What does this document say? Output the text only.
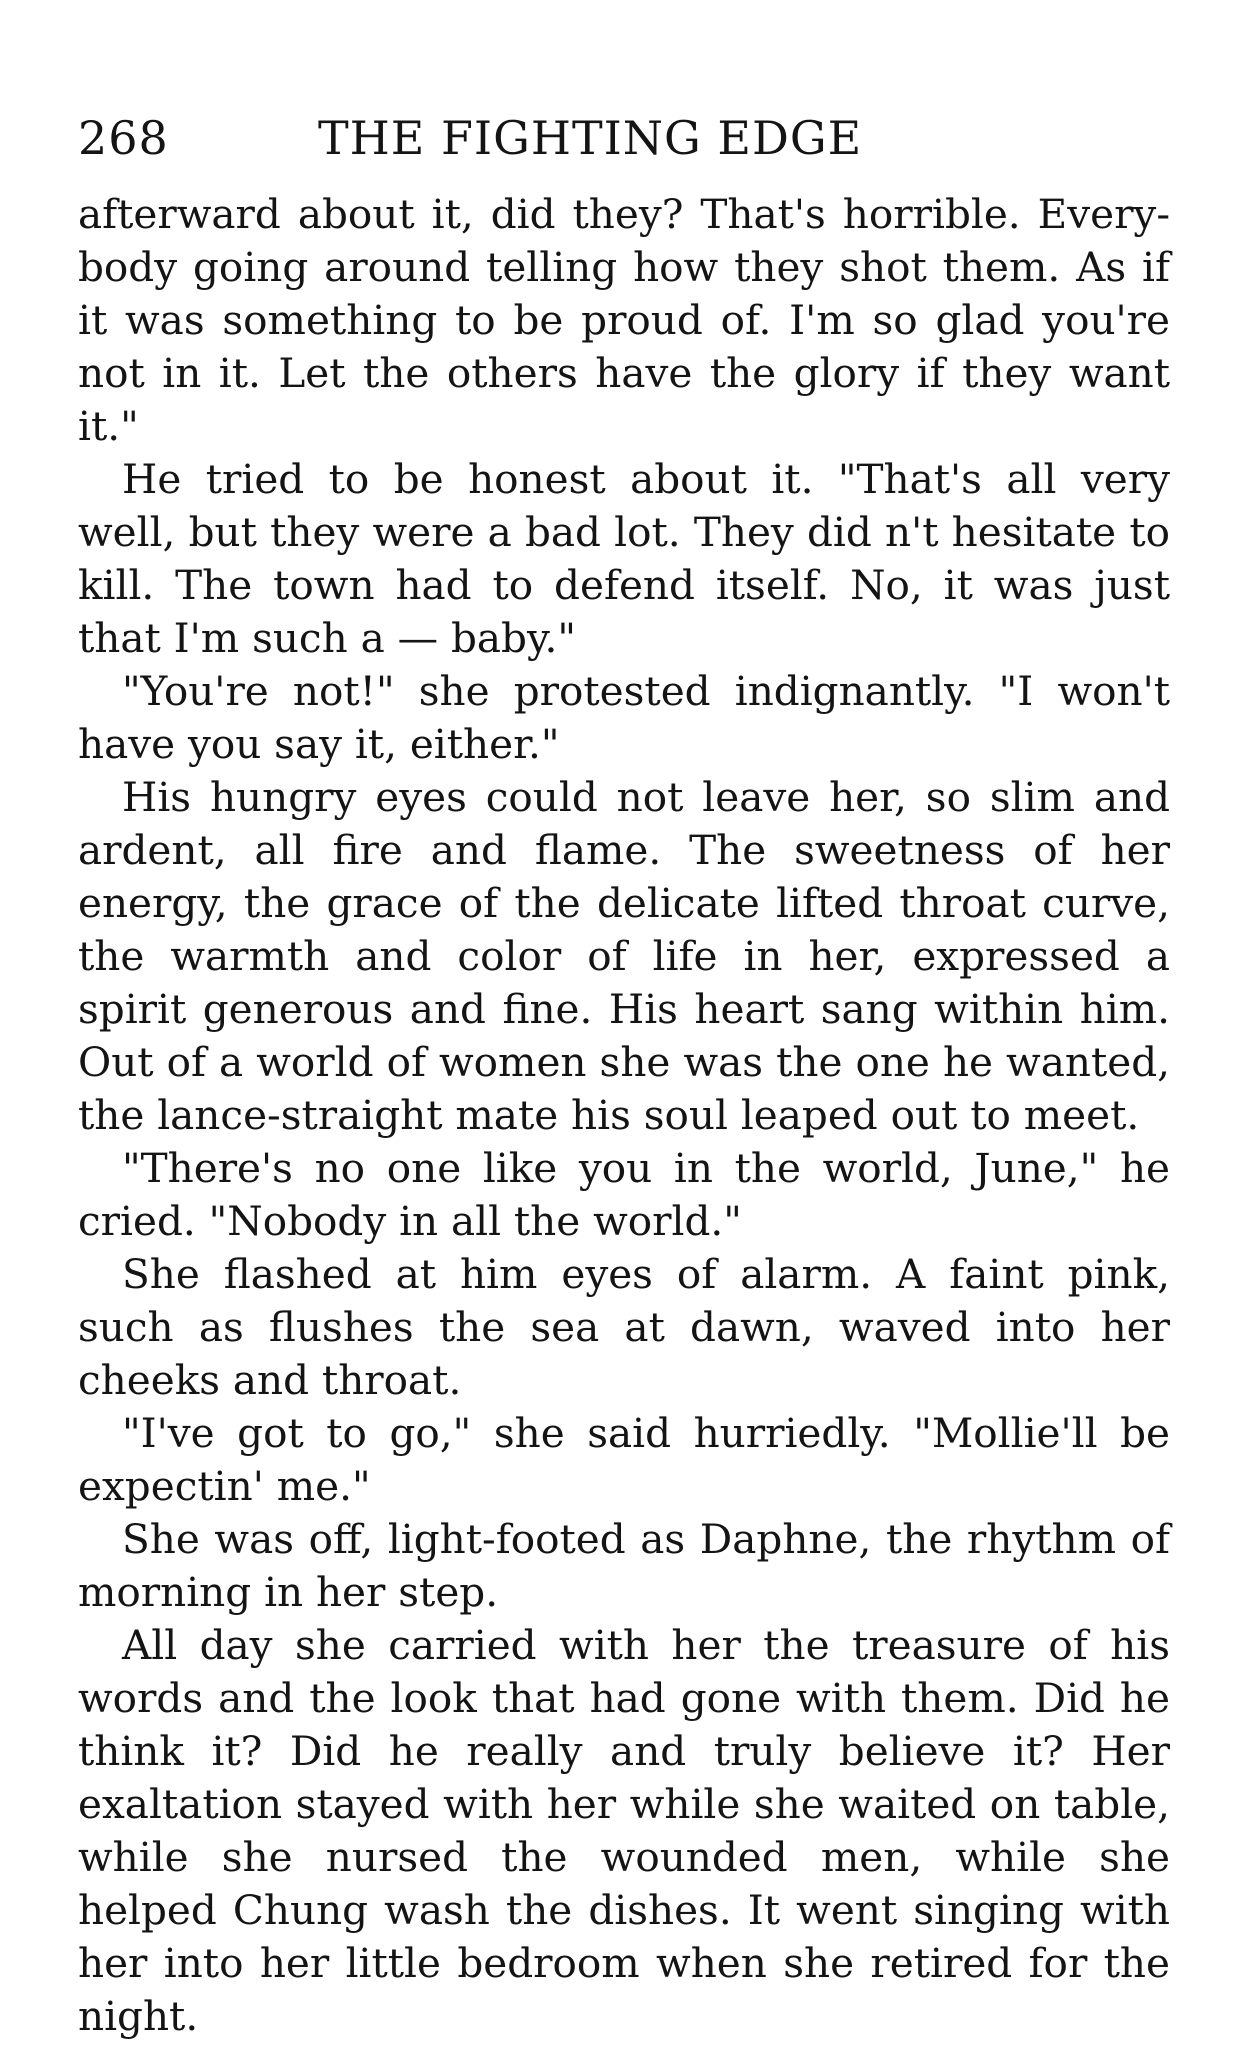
268	THE FIGHTING EDGE

afterward about it, did they? That's horrible. Everybody going around telling how they shot them. As if it was something to be proud of. I'm so glad you're not in it. Let the others have the glory if they want it."

He tried to be honest about it. "That's all very well, but they were a bad lot. They did n't hesitate to kill. The town had to defend itself. No, it was just that I'm such a — baby."

"You're not!" she protested indignantly. "I won't have you say it, either."

His hungry eyes could not leave her, so slim and ardent, all fire and flame. The sweetness of her energy, the grace of the delicate lifted throat curve, the warmth and color of life in her, expressed a spirit generous and fine. His heart sang within him. Out of a world of women she was the one he wanted, the lance-straight mate his soul leaped out to meet.

"There's no one like you in the world, June," he cried. "Nobody in all the world."

She flashed at him eyes of alarm. A faint pink, such as flushes the sea at dawn, waved into her cheeks and throat.

"I've got to go," she said hurriedly. "Mollie'll be expectin' me."

She was off, light-footed as Daphne, the rhythm of morning in her step.

All day she carried with her the treasure of his words and the look that had gone with them. Did he think it? Did he really and truly believe it? Her exaltation stayed with her while she waited on table, while she nursed the wounded men, while she helped Chung wash the dishes. It went singing with her into her little bedroom when she retired for the night.
